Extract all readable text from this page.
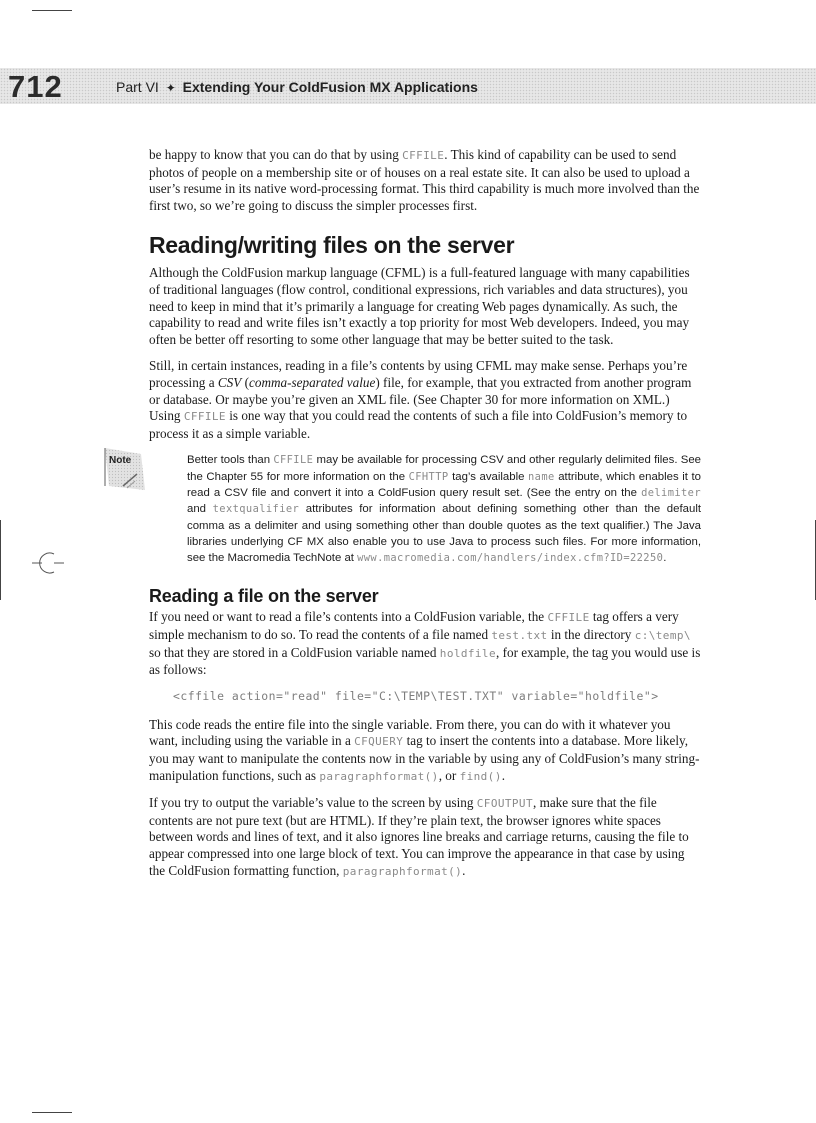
712	Part VI ✦ Extending Your ColdFusion MX Applications

be happy to know that you can do that by using CFFILE. This kind of capability can be used to send photos of people on a membership site or of houses on a real estate site. It can also be used to upload a user’s resume in its native word-processing format. This third capability is much more involved than the first two, so we’re going to discuss the simpler processes first.

Reading/writing files on the server

Although the ColdFusion markup language (CFML) is a full-featured language with many capabilities of traditional languages (flow control, conditional expressions, rich variables and data structures), you need to keep in mind that it’s primarily a language for creating Web pages dynamically. As such, the capability to read and write files isn’t exactly a top priority for most Web developers. Indeed, you may often be better off resorting to some other language that may be better suited to the task.

Still, in certain instances, reading in a file’s contents by using CFML may make sense. Perhaps you’re processing a CSV (comma-separated value) file, for example, that you extracted from another program or database. Or maybe you’re given an XML file. (See Chapter 30 for more information on XML.) Using CFFILE is one way that you could read the contents of such a file into ColdFusion’s memory to process it as a simple variable.

Note	Better tools than CFFILE may be available for processing CSV and other regularly delimited files. See the Chapter 55 for more information on the CFHTTP tag’s available name attribute, which enables it to read a CSV file and convert it into a ColdFusion query result set. (See the entry on the delimiter and textqualifier attributes for information about defining something other than the default comma as a delimiter and using something other than double quotes as the text qualifier.) The Java libraries underlying CF MX also enable you to use Java to process such files. For more information, see the Macromedia TechNote at www.macromedia.com/handlers/index.cfm?ID=22250.
Reading a file on the server

If you need or want to read a file’s contents into a ColdFusion variable, the CFFILE tag offers a very simple mechanism to do so. To read the contents of a file named test.txt in the directory c:\temp\ so that they are stored in a ColdFusion variable named holdfile, for example, the tag you would use is as follows:

<cffile action="read" file="C:\TEMP\TEST.TXT" variable="holdfile">

This code reads the entire file into the single variable. From there, you can do with it whatever you want, including using the variable in a CFQUERY tag to insert the contents into a database. More likely, you may want to manipulate the contents now in the variable by using any of ColdFusion’s many string-manipulation functions, such as paragraphformat(), or find().

If you try to output the variable’s value to the screen by using CFOUTPUT, make sure that the file contents are not pure text (but are HTML). If they’re plain text, the browser ignores white spaces between words and lines of text, and it also ignores line breaks and carriage returns, causing the file to appear compressed into one large block of text. You can improve the appearance in that case by using the ColdFusion formatting function, paragraphformat().
